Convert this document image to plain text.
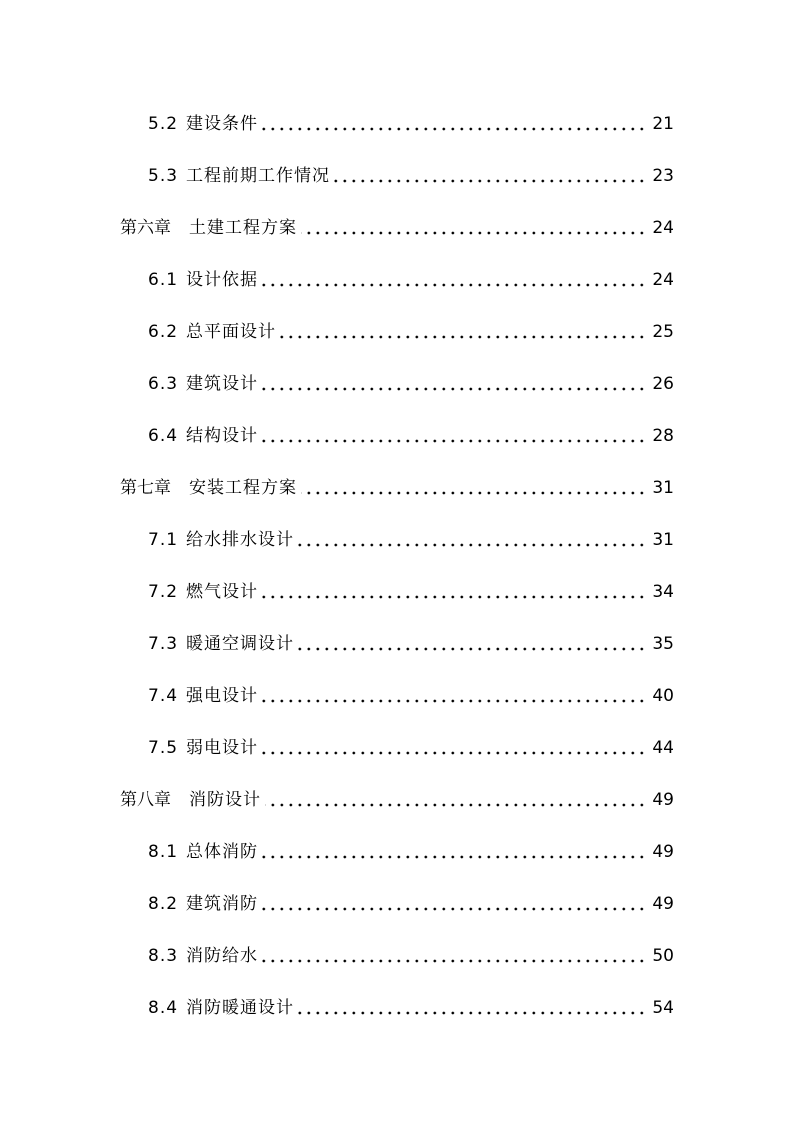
5.2 建设条件	21
5.3 工程前期工作情况	23
第六章 土建工程方案	24
6.1 设计依据	24
6.2 总平面设计	25
6.3 建筑设计	26
6.4 结构设计	28
第七章 安装工程方案	31
7.1 给水排水设计	31
7.2 燃气设计	34
7.3 暖通空调设计	35
7.4 强电设计	40
7.5 弱电设计	44
第八章 消防设计	49
8.1 总体消防	49
8.2 建筑消防	49
8.3 消防给水	50
8.4 消防暖通设计	54
